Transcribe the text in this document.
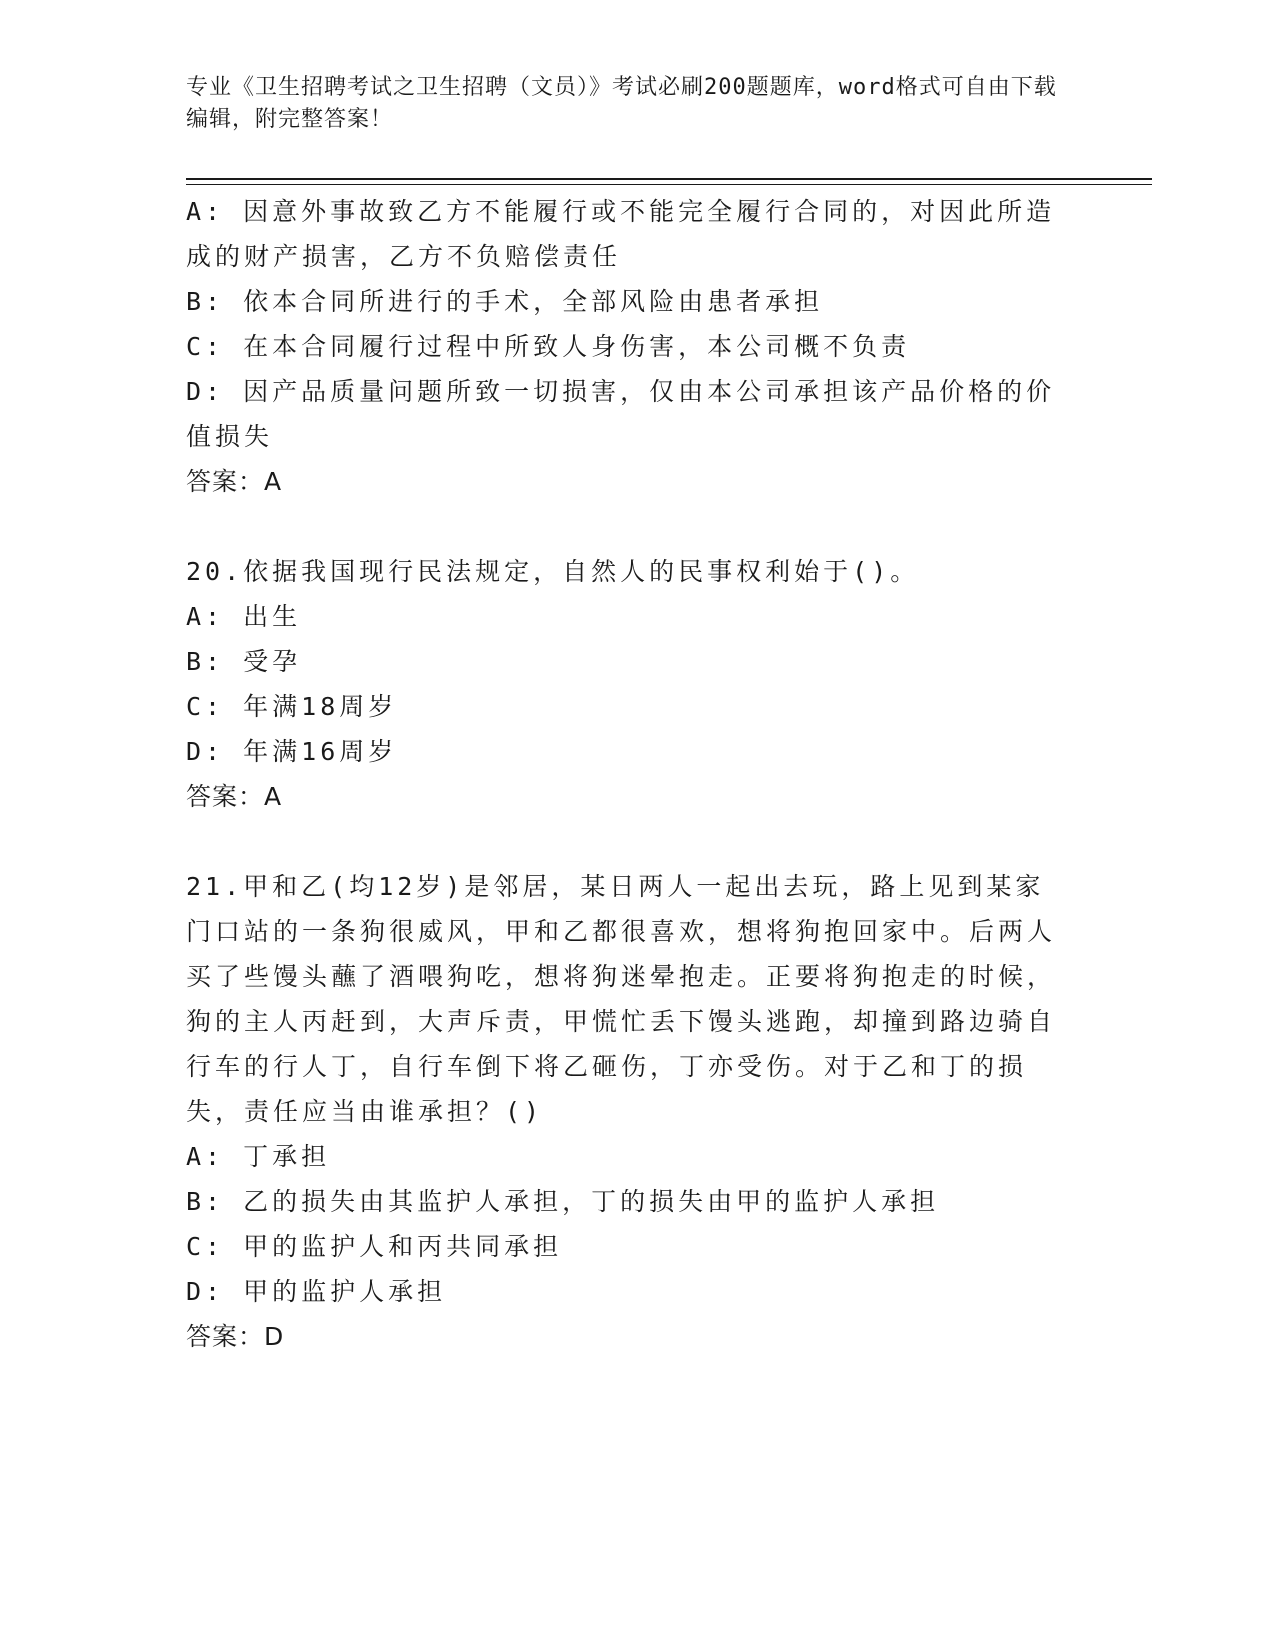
专业《卫生招聘考试之卫生招聘（文员）》考试必刷200题题库，word格式可自由下载编辑，附完整答案！
A: 因意外事故致乙方不能履行或不能完全履行合同的，对因此所造成的财产损害，乙方不负赔偿责任
B: 依本合同所进行的手术，全部风险由患者承担
C: 在本合同履行过程中所致人身伤害，本公司概不负责
D: 因产品质量问题所致一切损害，仅由本公司承担该产品价格的价值损失
答案：A
20.依据我国现行民法规定，自然人的民事权利始于()。
A: 出生
B: 受孕
C: 年满18周岁
D: 年满16周岁
答案：A
21.甲和乙(均12岁)是邻居，某日两人一起出去玩，路上见到某家门口站的一条狗很威风，甲和乙都很喜欢，想将狗抱回家中。后两人买了些馒头蘸了酒喂狗吃，想将狗迷晕抱走。正要将狗抱走的时候，狗的主人丙赶到，大声斥责，甲慌忙丢下馒头逃跑，却撞到路边骑自行车的行人丁，自行车倒下将乙砸伤，丁亦受伤。对于乙和丁的损失，责任应当由谁承担？()
A: 丁承担
B: 乙的损失由其监护人承担，丁的损失由甲的监护人承担
C: 甲的监护人和丙共同承担
D: 甲的监护人承担
答案：D
